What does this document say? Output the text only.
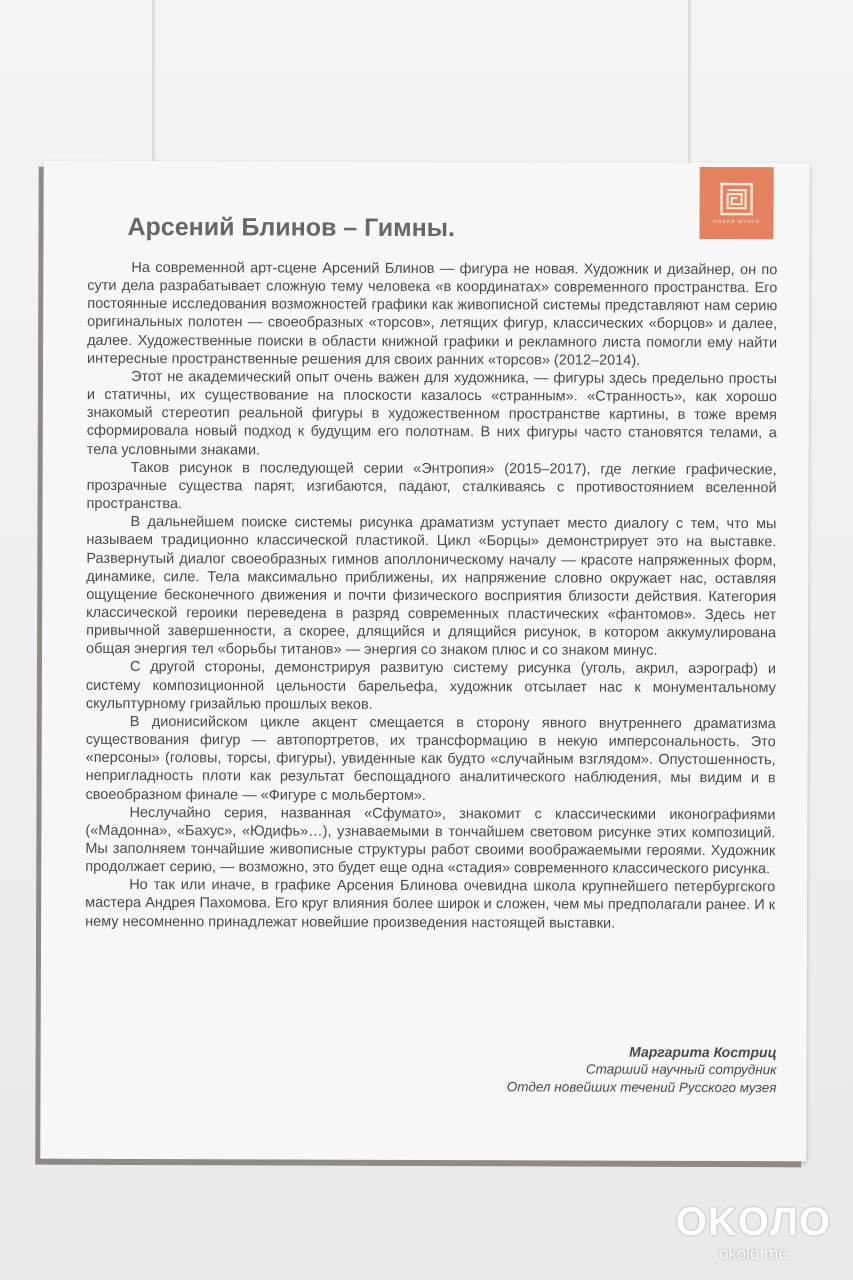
НОВАЯ МУЗЕЯ
Арсений Блинов – Гимны.

На современной арт-сцене Арсений Блинов — фигура не новая. Художник и дизайнер, он по сути дела разрабатывает сложную тему человека «в координатах» современного пространства. Его постоянные исследования возможностей графики как живописной системы представляют нам серию оригинальных полотен — своеобразных «торсов», летящих фигур, классических «борцов» и далее, далее. Художественные поиски в области книжной графики и рекламного листа помогли ему найти интересные пространственные решения для своих ранних «торсов» (2012–2014).

Этот не академический опыт очень важен для художника, — фигуры здесь предельно просты и статичны, их существование на плоскости казалось «странным». «Странность», как хорошо знакомый стереотип реальной фигуры в художественном пространстве картины, в тоже время сформировала новый подход к будущим его полотнам. В них фигуры часто становятся телами, а тела условными знаками.

Таков рисунок в последующей серии «Энтропия» (2015–2017), где легкие графические, прозрачные существа парят, изгибаются, падают, сталкиваясь с противостоянием вселенной пространства.

В дальнейшем поиске системы рисунка драматизм уступает место диалогу с тем, что мы называем традиционно классической пластикой. Цикл «Борцы» демонстрирует это на выставке. Развернутый диалог своеобразных гимнов аполлоническому началу — красоте напряженных форм, динамике, силе. Тела максимально приближены, их напряжение словно окружает нас, оставляя ощущение бесконечного движения и почти физического восприятия близости действия. Категория классической героики переведена в разряд современных пластических «фантомов». Здесь нет привычной завершенности, а скорее, длящийся и длящийся рисунок, в котором аккумулирована общая энергия тел «борьбы титанов» — энергия со знаком плюс и со знаком минус.

С другой стороны, демонстрируя развитую систему рисунка (уголь, акрил, аэрограф) и систему композиционной цельности барельефа, художник отсылает нас к монументальному скульптурному гризайлью прошлых веков.

В дионисийском цикле акцент смещается в сторону явного внутреннего драматизма существования фигур — автопортретов, их трансформацию в некую имперсональность. Это «персоны» (головы, торсы, фигуры), увиденные как будто «случайным взглядом». Опустошенность, непригладность плоти как результат беспощадного аналитического наблюдения, мы видим и в своеобразном финале — «Фигуре с мольбертом».

Неслучайно серия, названная «Сфумато», знакомит с классическими иконографиями («Мадонна», «Бахус», «Юдифь»…), узнаваемыми в тончайшем световом рисунке этих композиций. Мы заполняем тончайшие живописные структуры работ своими воображаемыми героями. Художник продолжает серию, — возможно, это будет еще одна «стадия» современного классического рисунка.

Но так или иначе, в графике Арсения Блинова очевидна школа крупнейшего петербургского мастера Андрея Пахомова. Его круг влияния более широк и сложен, чем мы предполагали ранее. И к нему несомненно принадлежат новейшие произведения настоящей выставки.

Маргарита Костриц
Старший научный сотрудник
Отдел новейших течений Русского музея
OKOЛO
okolo.me
